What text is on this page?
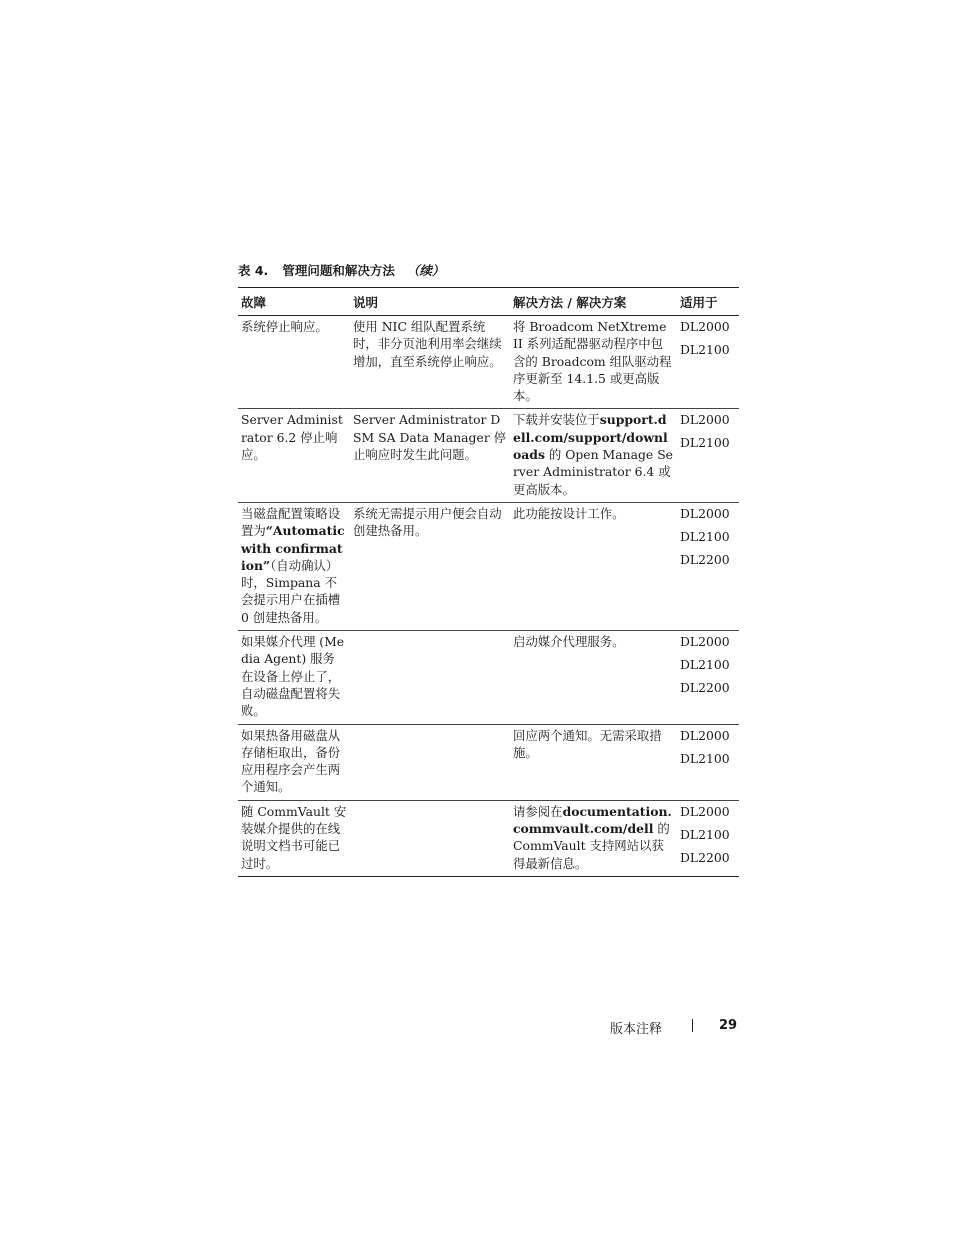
表 4. 管理问题和解决方法 （续）
故障	说明	解决方法 / 解决方案	适用于
系统停止响应。	使用 NIC 组队配置系统时，非分页池利用率会继续增加，直至系统停止响应。	将 Broadcom NetXtreme II 系列适配器驱动程序中包含的 Broadcom 组队驱动程序更新至 14.1.5 或更高版本。	DL2000
DL2100

Server Administrator 6.2 停止响应。	Server Administrator DSM SA Data Manager 停止响应时发生此问题。	下载并安装位于support.dell.com/support/downloads 的 Open Manage Server Administrator 6.4 或更高版本。	DL2000
DL2100

当磁盘配置策略设置为“Automatic with confirmation”（自动确认）时，Simpana 不会提示用户在插槽 0 创建热备用。	系统无需提示用户便会自动创建热备用。	此功能按设计工作。	DL2000
DL2100
DL2200

如果媒介代理 (Media Agent) 服务在设备上停止了，自动磁盘配置将失败。		启动媒介代理服务。	DL2000
DL2100
DL2200

如果热备用磁盘从存储柜取出，备份应用程序会产生两个通知。		回应两个通知。无需采取措施。	DL2000
DL2100

随 CommVault 安装媒介提供的在线说明文档书可能已过时。		请参阅在documentation.commvault.com/dell 的 CommVault 支持网站以获得最新信息。	DL2000
DL2100
DL2200
版本注释	29
